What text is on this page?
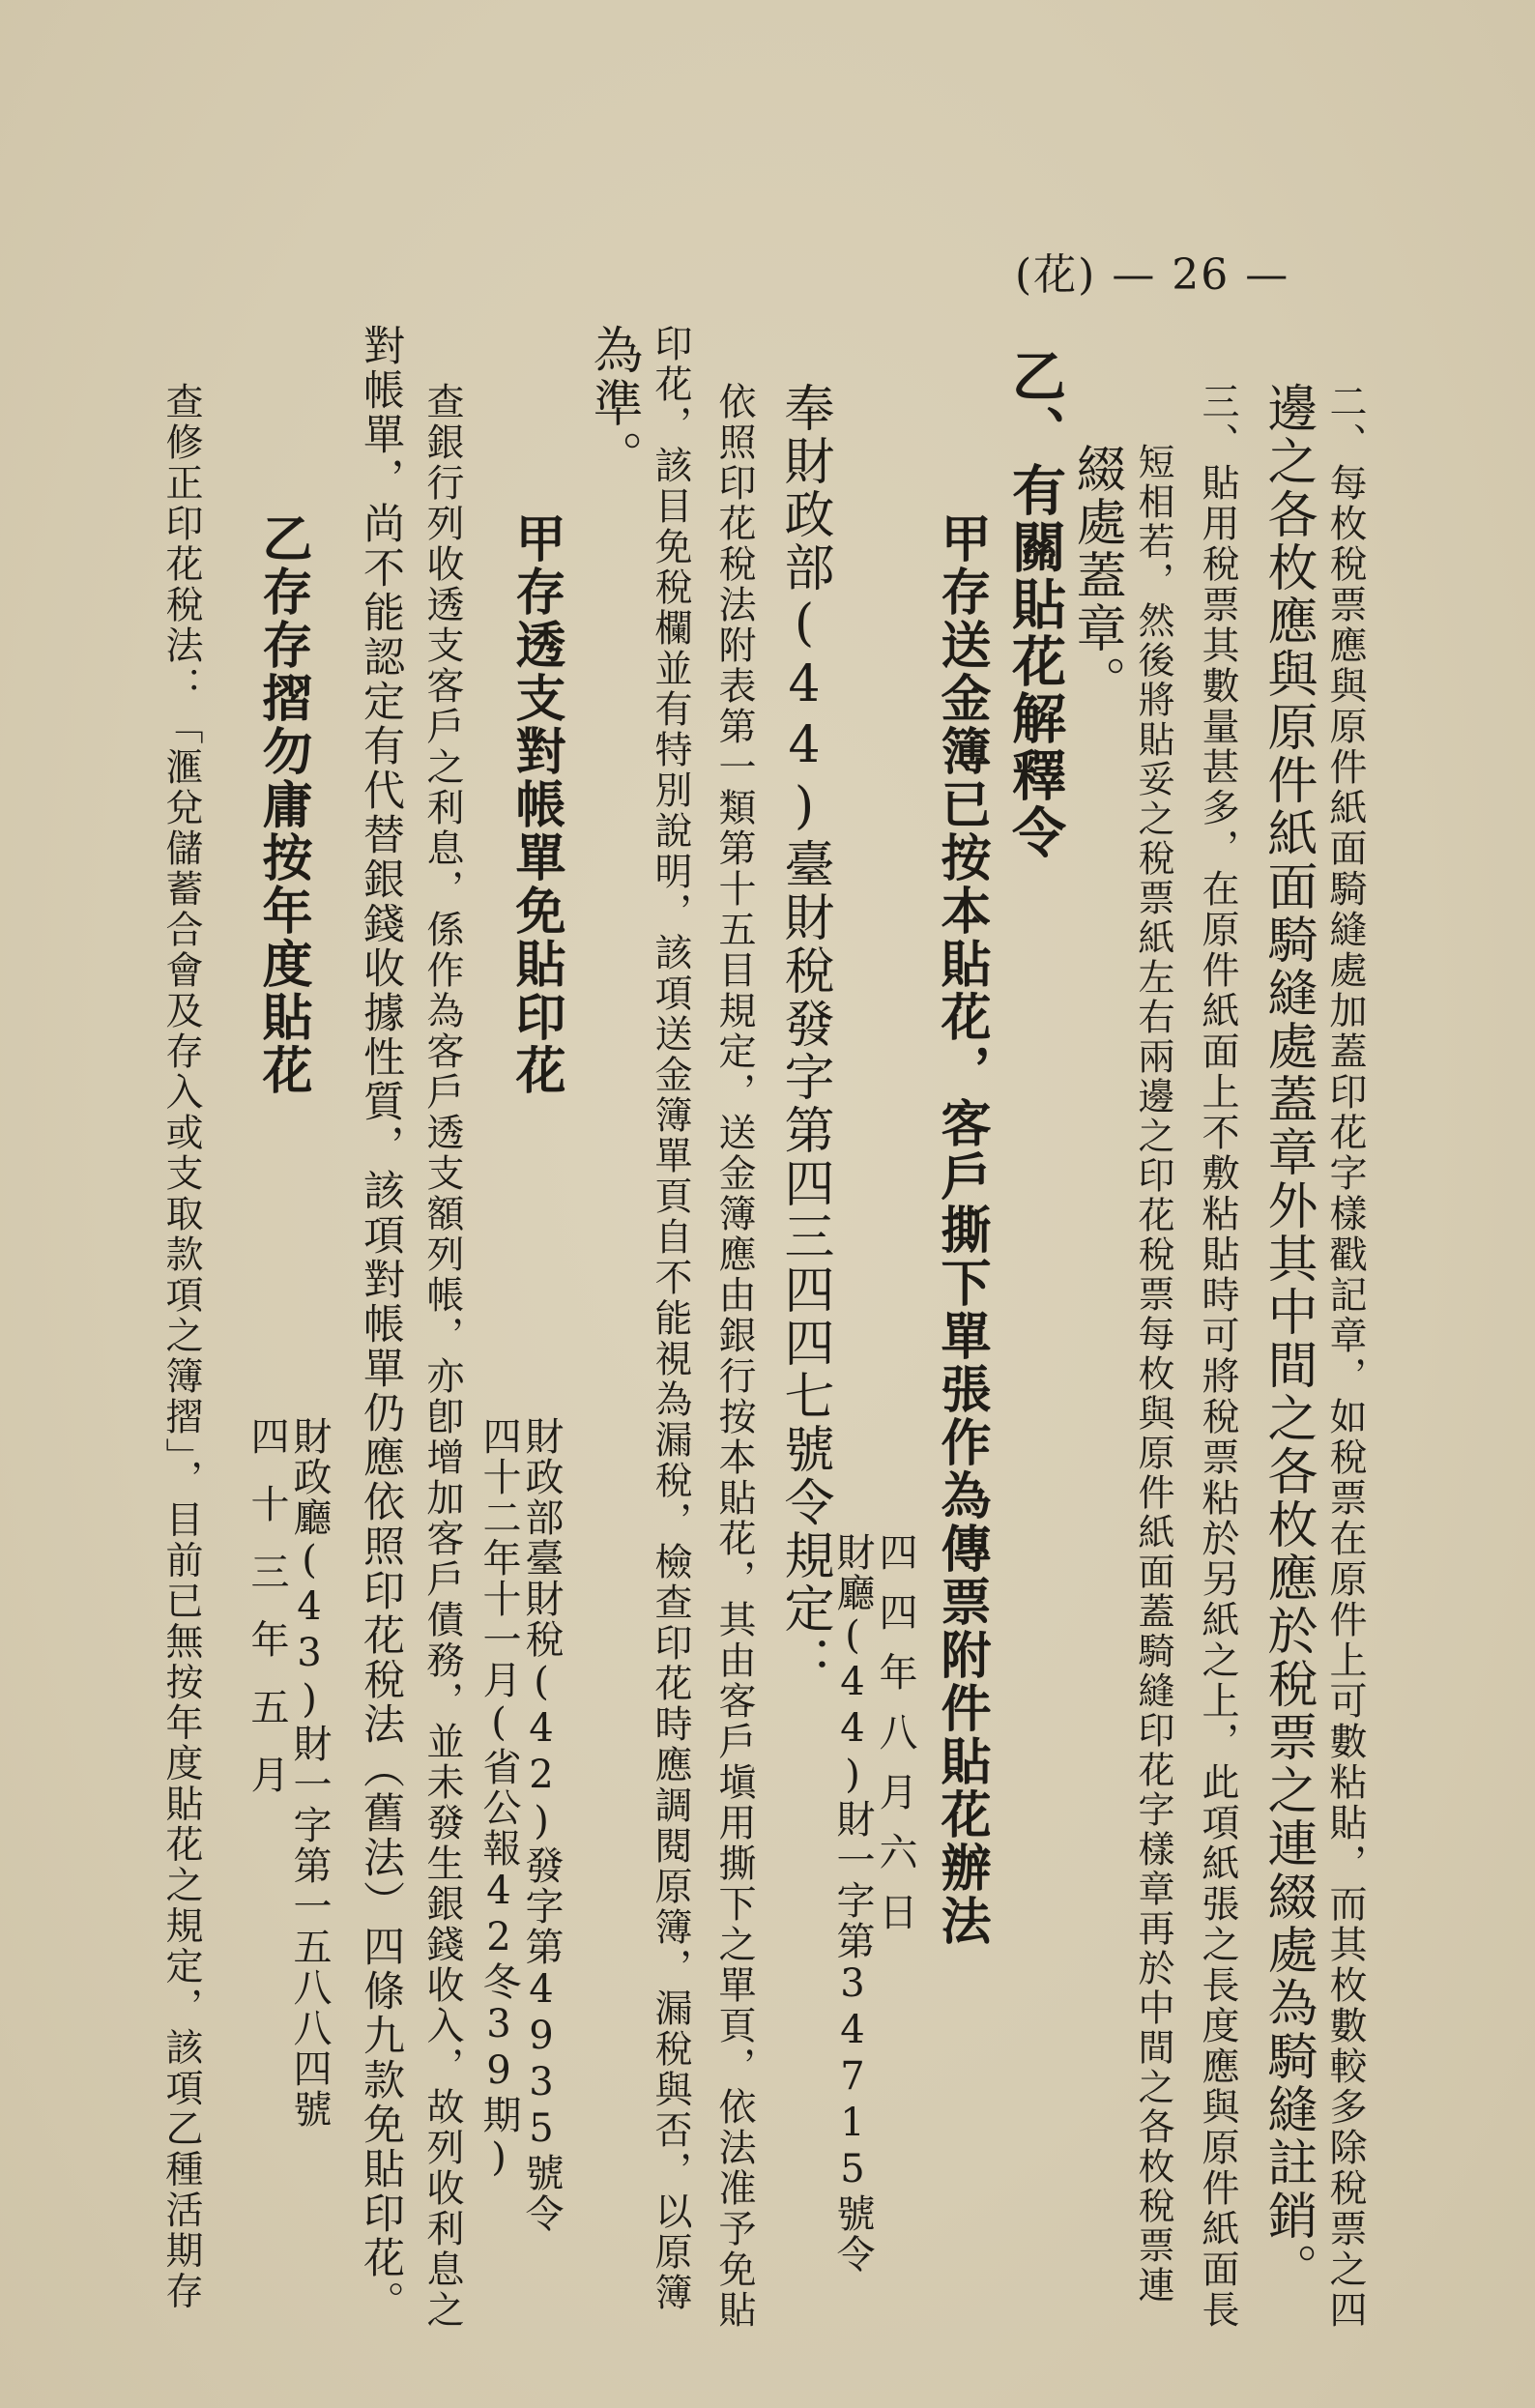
(花) — 26 —
二、每枚稅票應與原件紙面騎縫處加蓋印花字樣戳記章，如稅票在原件上可數粘貼，而其枚數較多除稅票之四
邊之各枚應與原件紙面騎縫處蓋章外其中間之各枚應於稅票之連綴處為騎縫註銷。
三、貼用稅票其數量甚多，在原件紙面上不敷粘貼時可將稅票粘於另紙之上，此項紙張之長度應與原件紙面長
短相若，然後將貼妥之稅票紙左右兩邊之印花稅票每枚與原件紙面蓋騎縫印花字樣章再於中間之各枚稅票連
綴處蓋章。
乙、有關貼花解釋令
甲存送金簿已按本貼花，客戶撕下單張作為傳票附件貼花辦法
四四年八月六日
財廳(44)財一字第34715號令
奉財政部(44)臺財稅發字第四三四四七號令規定：
依照印花稅法附表第一類第十五目規定，送金簿應由銀行按本貼花，其由客戶塡用撕下之單頁，依法准予免貼
印花，該目免稅欄並有特別說明，該項送金簿單頁自不能視為漏稅，檢查印花時應調閱原簿，漏稅與否，以原簿
為準。
甲存透支對帳單免貼印花
財政部臺財稅(42)發字第4935號令
四十二年十一月(省公報42冬39期)
查銀行列收透支客戶之利息，係作為客戶透支額列帳，亦卽增加客戶債務，並未發生銀錢收入，故列收利息之
對帳單，尚不能認定有代替銀錢收據性質，該項對帳單仍應依照印花稅法（舊法）四條九款免貼印花。
乙存存摺勿庸按年度貼花
財政廳(43)財一字第一五八八四號
四十三年五月
查修正印花稅法：「滙兌儲蓄合會及存入或支取款項之簿摺」，目前已無按年度貼花之規定，該項乙種活期存
